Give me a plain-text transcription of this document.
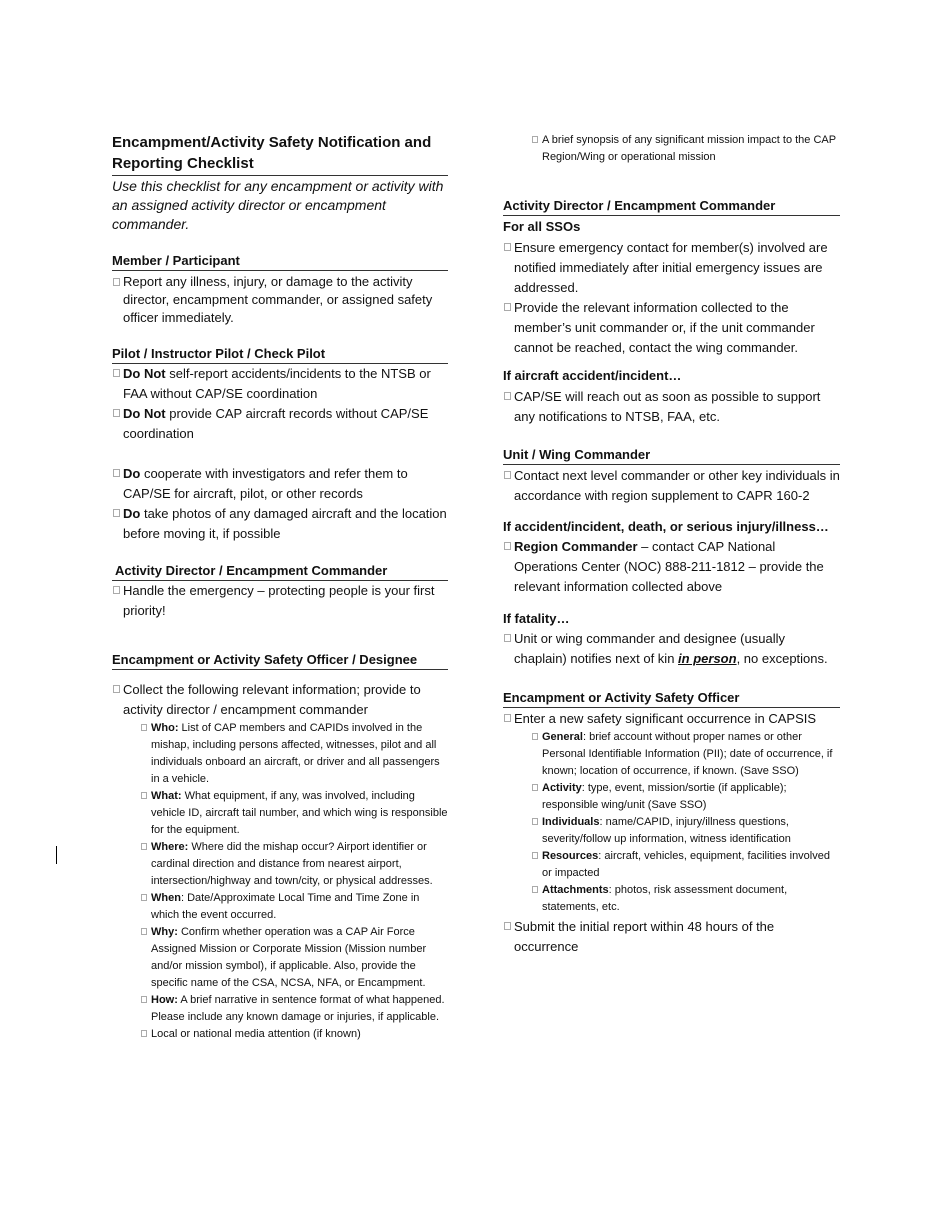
Encampment/Activity Safety Notification and Reporting Checklist
Use this checklist for any encampment or activity with an assigned activity director or encampment commander.
Member / Participant
Report any illness, injury, or damage to the activity director, encampment commander, or assigned safety officer immediately.
Pilot / Instructor Pilot / Check Pilot
Do Not self-report accidents/incidents to the NTSB or FAA without CAP/SE coordination
Do Not provide CAP aircraft records without CAP/SE coordination
Do cooperate with investigators and refer them to CAP/SE for aircraft, pilot, or other records
Do take photos of any damaged aircraft and the location before moving it, if possible
Activity Director / Encampment Commander
Handle the emergency – protecting people is your first priority!
Encampment or Activity Safety Officer / Designee
Collect the following relevant information; provide to activity director / encampment commander
Who: List of CAP members and CAPIDs involved in the mishap, including persons affected, witnesses, pilot and all individuals onboard an aircraft, or driver and all passengers in a vehicle.
What: What equipment, if any, was involved, including vehicle ID, aircraft tail number, and which wing is responsible for the equipment.
Where: Where did the mishap occur? Airport identifier or cardinal direction and distance from nearest airport, intersection/highway and town/city, or physical addresses.
When: Date/Approximate Local Time and Time Zone in which the event occurred.
Why: Confirm whether operation was a CAP Air Force Assigned Mission or Corporate Mission (Mission number and/or mission symbol), if applicable. Also, provide the specific name of the CSA, NCSA, NFA, or Encampment.
How: A brief narrative in sentence format of what happened. Please include any known damage or injuries, if applicable.
Local or national media attention (if known)
A brief synopsis of any significant mission impact to the CAP Region/Wing or operational mission
Activity Director / Encampment Commander
For all SSOs
Ensure emergency contact for member(s) involved are notified immediately after initial emergency issues are addressed.
Provide the relevant information collected to the member’s unit commander or, if the unit commander cannot be reached, contact the wing commander.
If aircraft accident/incident…
CAP/SE will reach out as soon as possible to support any notifications to NTSB, FAA, etc.
Unit / Wing Commander
Contact next level commander or other key individuals in accordance with region supplement to CAPR 160-2
If accident/incident, death, or serious injury/illness…
Region Commander – contact CAP National Operations Center (NOC) 888-211-1812 – provide the relevant information collected above
If fatality…
Unit or wing commander and designee (usually chaplain) notifies next of kin in person, no exceptions.
Encampment or Activity Safety Officer
Enter a new safety significant occurrence in CAPSIS
General: brief account without proper names or other Personal Identifiable Information (PII); date of occurrence, if known; location of occurrence, if known. (Save SSO)
Activity: type, event, mission/sortie (if applicable); responsible wing/unit (Save SSO)
Individuals: name/CAPID, injury/illness questions, severity/follow up information, witness identification
Resources: aircraft, vehicles, equipment, facilities involved or impacted
Attachments: photos, risk assessment document, statements, etc.
Submit the initial report within 48 hours of the occurrence
